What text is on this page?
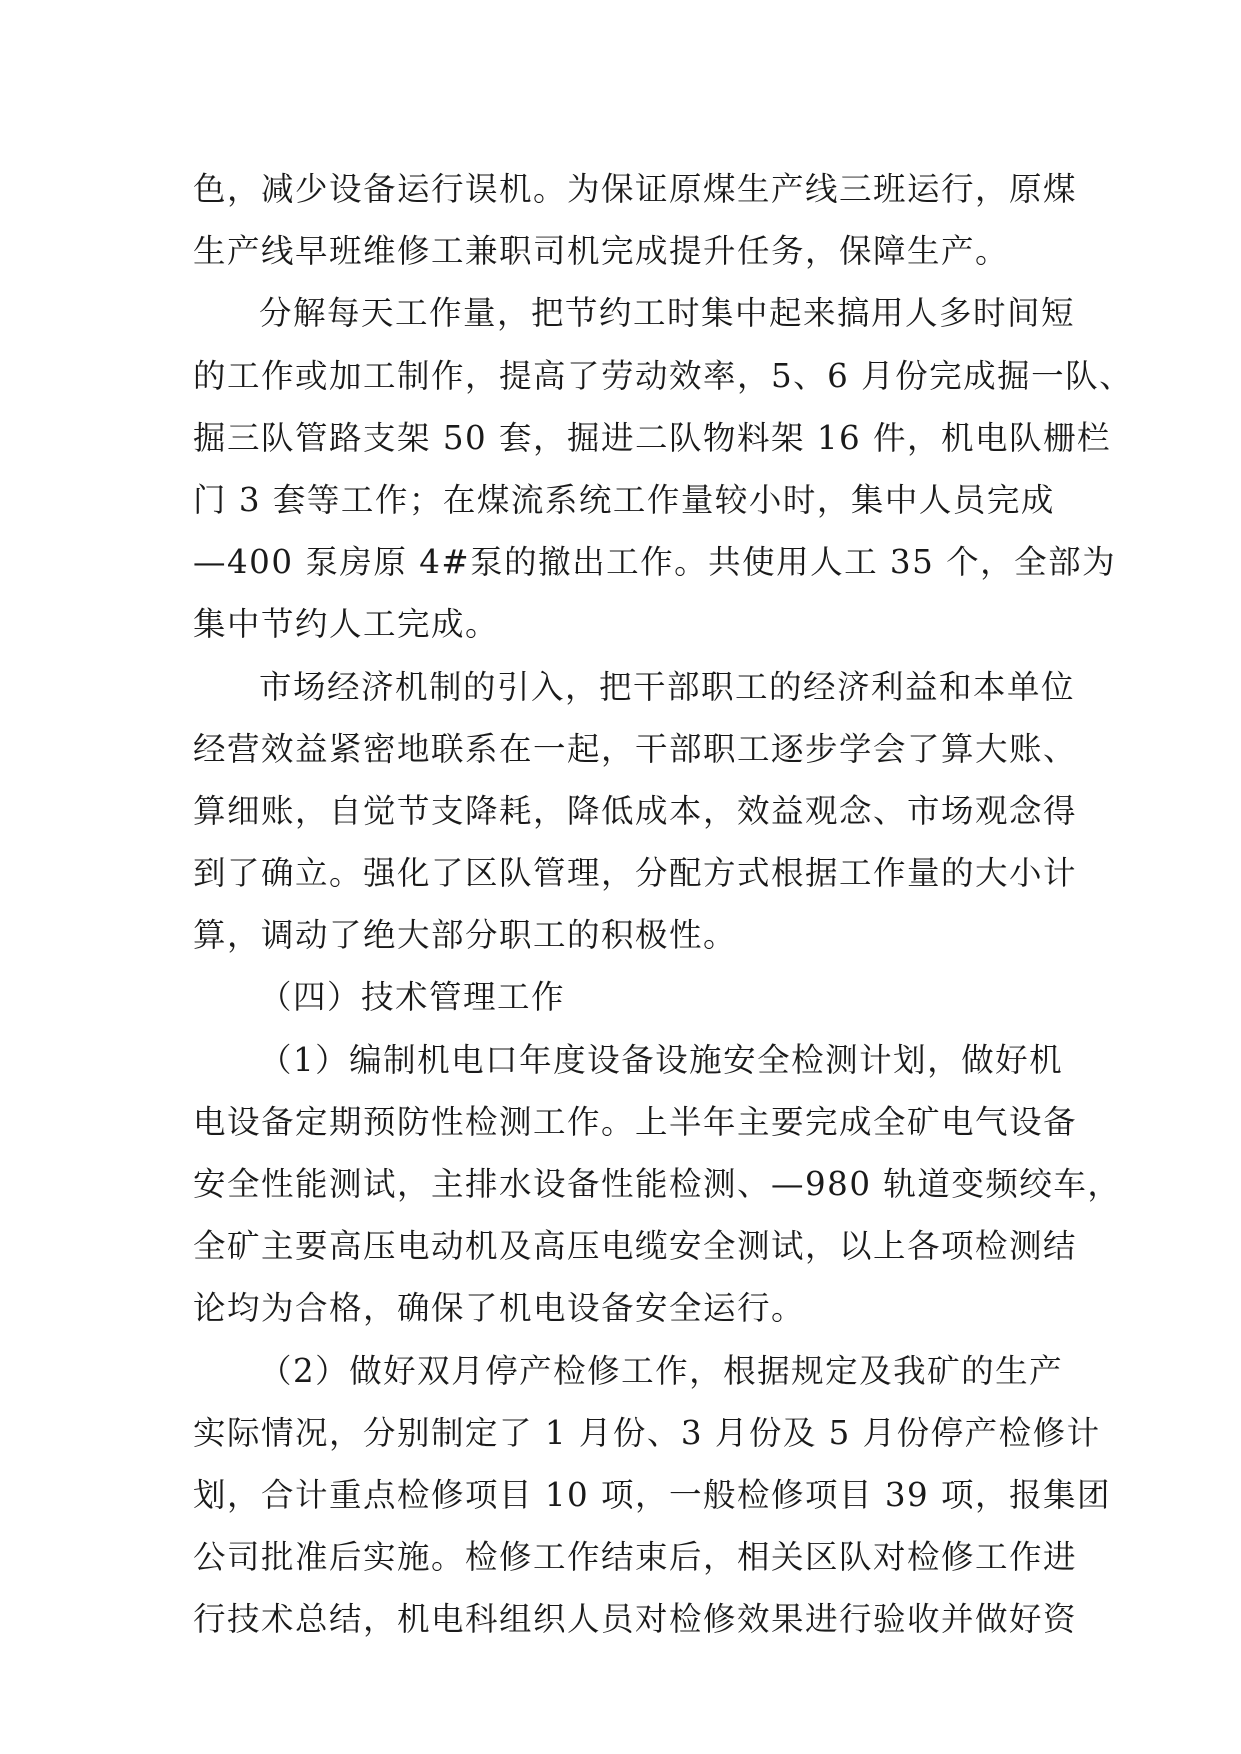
色，减少设备运行误机。为保证原煤生产线三班运行，原煤
生产线早班维修工兼职司机完成提升任务，保障生产。
分解每天工作量，把节约工时集中起来搞用人多时间短
的工作或加工制作，提高了劳动效率，5、6 月份完成掘一队、
掘三队管路支架 50 套，掘进二队物料架 16 件，机电队栅栏
门 3 套等工作；在煤流系统工作量较小时，集中人员完成
—400 泵房原 4#泵的撤出工作。共使用人工 35 个，全部为
集中节约人工完成。
市场经济机制的引入，把干部职工的经济利益和本单位
经营效益紧密地联系在一起，干部职工逐步学会了算大账、
算细账，自觉节支降耗，降低成本，效益观念、市场观念得
到了确立。强化了区队管理，分配方式根据工作量的大小计
算，调动了绝大部分职工的积极性。
（四）技术管理工作
（1）编制机电口年度设备设施安全检测计划，做好机
电设备定期预防性检测工作。上半年主要完成全矿电气设备
安全性能测试，主排水设备性能检测、—980 轨道变频绞车，
全矿主要高压电动机及高压电缆安全测试，以上各项检测结
论均为合格，确保了机电设备安全运行。
（2）做好双月停产检修工作，根据规定及我矿的生产
实际情况，分别制定了 1 月份、3 月份及 5 月份停产检修计
划，合计重点检修项目 10 项，一般检修项目 39 项，报集团
公司批准后实施。检修工作结束后，相关区队对检修工作进
行技术总结，机电科组织人员对检修效果进行验收并做好资
